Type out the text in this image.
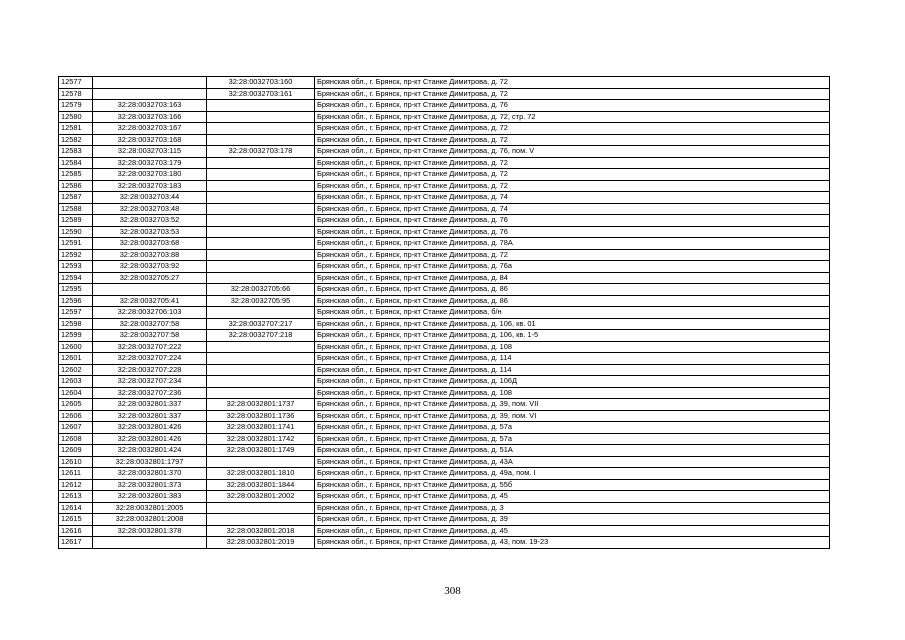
12577		32:28:0032703:160	Брянская обл., г. Брянск, пр-кт Станке Димитрова, д. 72
12578		32:28:0032703:161	Брянская обл., г. Брянск, пр-кт Станке Димитрова, д. 72
12579	32:28:0032703:163		Брянская обл., г. Брянск, пр-кт Станке Димитрова, д. 76
12580	32:28:0032703:166		Брянская обл., г. Брянск, пр-кт Станке Димитрова, д. 72, стр. 72
12581	32:28:0032703:167		Брянская обл., г. Брянск, пр-кт Станке Димитрова, д. 72
12582	32:28:0032703:168		Брянская обл., г. Брянск, пр-кт Станке Димитрова, д. 72
12583	32:28:0032703:115	32:28:0032703:178	Брянская обл., г. Брянск, пр-кт Станке Димитрова, д. 76, пом. V
12584	32:28:0032703:179		Брянская обл., г. Брянск, пр-кт Станке Димитрова, д. 72
12585	32:28:0032703:180		Брянская обл., г. Брянск, пр-кт Станке Димитрова, д. 72
12586	32:28:0032703:183		Брянская обл., г. Брянск, пр-кт Станке Димитрова, д. 72
12587	32:28:0032703:44		Брянская обл., г. Брянск, пр-кт Станке Димитрова, д. 74
12588	32:28:0032703:48		Брянская обл., г. Брянск, пр-кт Станке Димитрова, д. 74
12589	32:28:0032703:52		Брянская обл., г. Брянск, пр-кт Станке Димитрова, д. 76
12590	32:28:0032703:53		Брянская обл., г. Брянск, пр-кт Станке Димитрова, д. 76
12591	32:28:0032703:68		Брянская обл., г. Брянск, пр-кт Станке Димитрова, д. 78А
12592	32:28:0032703:88		Брянская обл., г. Брянск, пр-кт Станке Димитрова, д. 72
12593	32:28:0032703:92		Брянская обл., г. Брянск, пр-кт Станке Димитрова, д. 76а
12594	32:28:0032705:27		Брянская обл., г. Брянск, пр-кт Станке Димитрова, д. 84
12595		32:28:0032705:66	Брянская обл., г. Брянск, пр-кт Станке Димитрова, д. 86
12596	32:28:0032705:41	32:28:0032705:95	Брянская обл., г. Брянск, пр-кт Станке Димитрова, д. 86
12597	32:28:0032706:103		Брянская обл., г. Брянск, пр-кт Станке Димитрова, б/н
12598	32:28:0032707:58	32:28:0032707:217	Брянская обл., г. Брянск, пр-кт Станке Димитрова, д. 106, кв. 01
12599	32:28:0032707:58	32:28:0032707:218	Брянская обл., г. Брянск, пр-кт Станке Димитрова, д. 106, кв. 1-5
12600	32:28:0032707:222		Брянская обл., г. Брянск, пр-кт Станке Димитрова, д. 108
12601	32:28:0032707:224		Брянская обл., г. Брянск, пр-кт Станке Димитрова, д. 114
12602	32:28:0032707:228		Брянская обл., г. Брянск, пр-кт Станке Димитрова, д. 114
12603	32:28:0032707:234		Брянская обл., г. Брянск, пр-кт Станке Димитрова, д. 106Д
12604	32:28:0032707:236		Брянская обл., г. Брянск, пр-кт Станке Димитрова, д. 108
12605	32:28:0032801:337	32:28:0032801:1737	Брянская обл., г. Брянск, пр-кт Станке Димитрова, д. 39, пом. VII
12606	32:28:0032801:337	32:28:0032801:1736	Брянская обл., г. Брянск, пр-кт Станке Димитрова, д. 39, пом. VI
12607	32:28:0032801:426	32:28:0032801:1741	Брянская обл., г. Брянск, пр-кт Станке Димитрова, д. 57а
12608	32:28:0032801:426	32:28:0032801:1742	Брянская обл., г. Брянск, пр-кт Станке Димитрова, д. 57а
12609	32:28:0032801:424	32:28:0032801:1749	Брянская обл., г. Брянск, пр-кт Станке Димитрова, д. 51А
12610	32:28:0032801:1797		Брянская обл., г. Брянск, пр-кт Станке Димитрова, д. 43А
12611	32:28:0032801:370	32:28:0032801:1810	Брянская обл., г. Брянск, пр-кт Станке Димитрова, д. 49а, пом. I
12612	32:28:0032801:373	32:28:0032801:1844	Брянская обл., г. Брянск, пр-кт Станке Димитрова, д. 55б
12613	32:28:0032801:383	32:28:0032801:2002	Брянская обл., г. Брянск, пр-кт Станке Димитрова, д. 45
12614	32:28:0032801:2005		Брянская обл., г. Брянск, пр-кт Станке Димитрова, д. 3
12615	32:28:0032801:2008		Брянская обл., г. Брянск, пр-кт Станке Димитрова, д. 39
12616	32:28:0032801:378	32:28:0032801:2018	Брянская обл., г. Брянск, пр-кт Станке Димитрова, д. 45
12617		32:28:0032801:2019	Брянская обл., г. Брянск, пр-кт Станке Димитрова, д. 43, пом. 19-23
308
